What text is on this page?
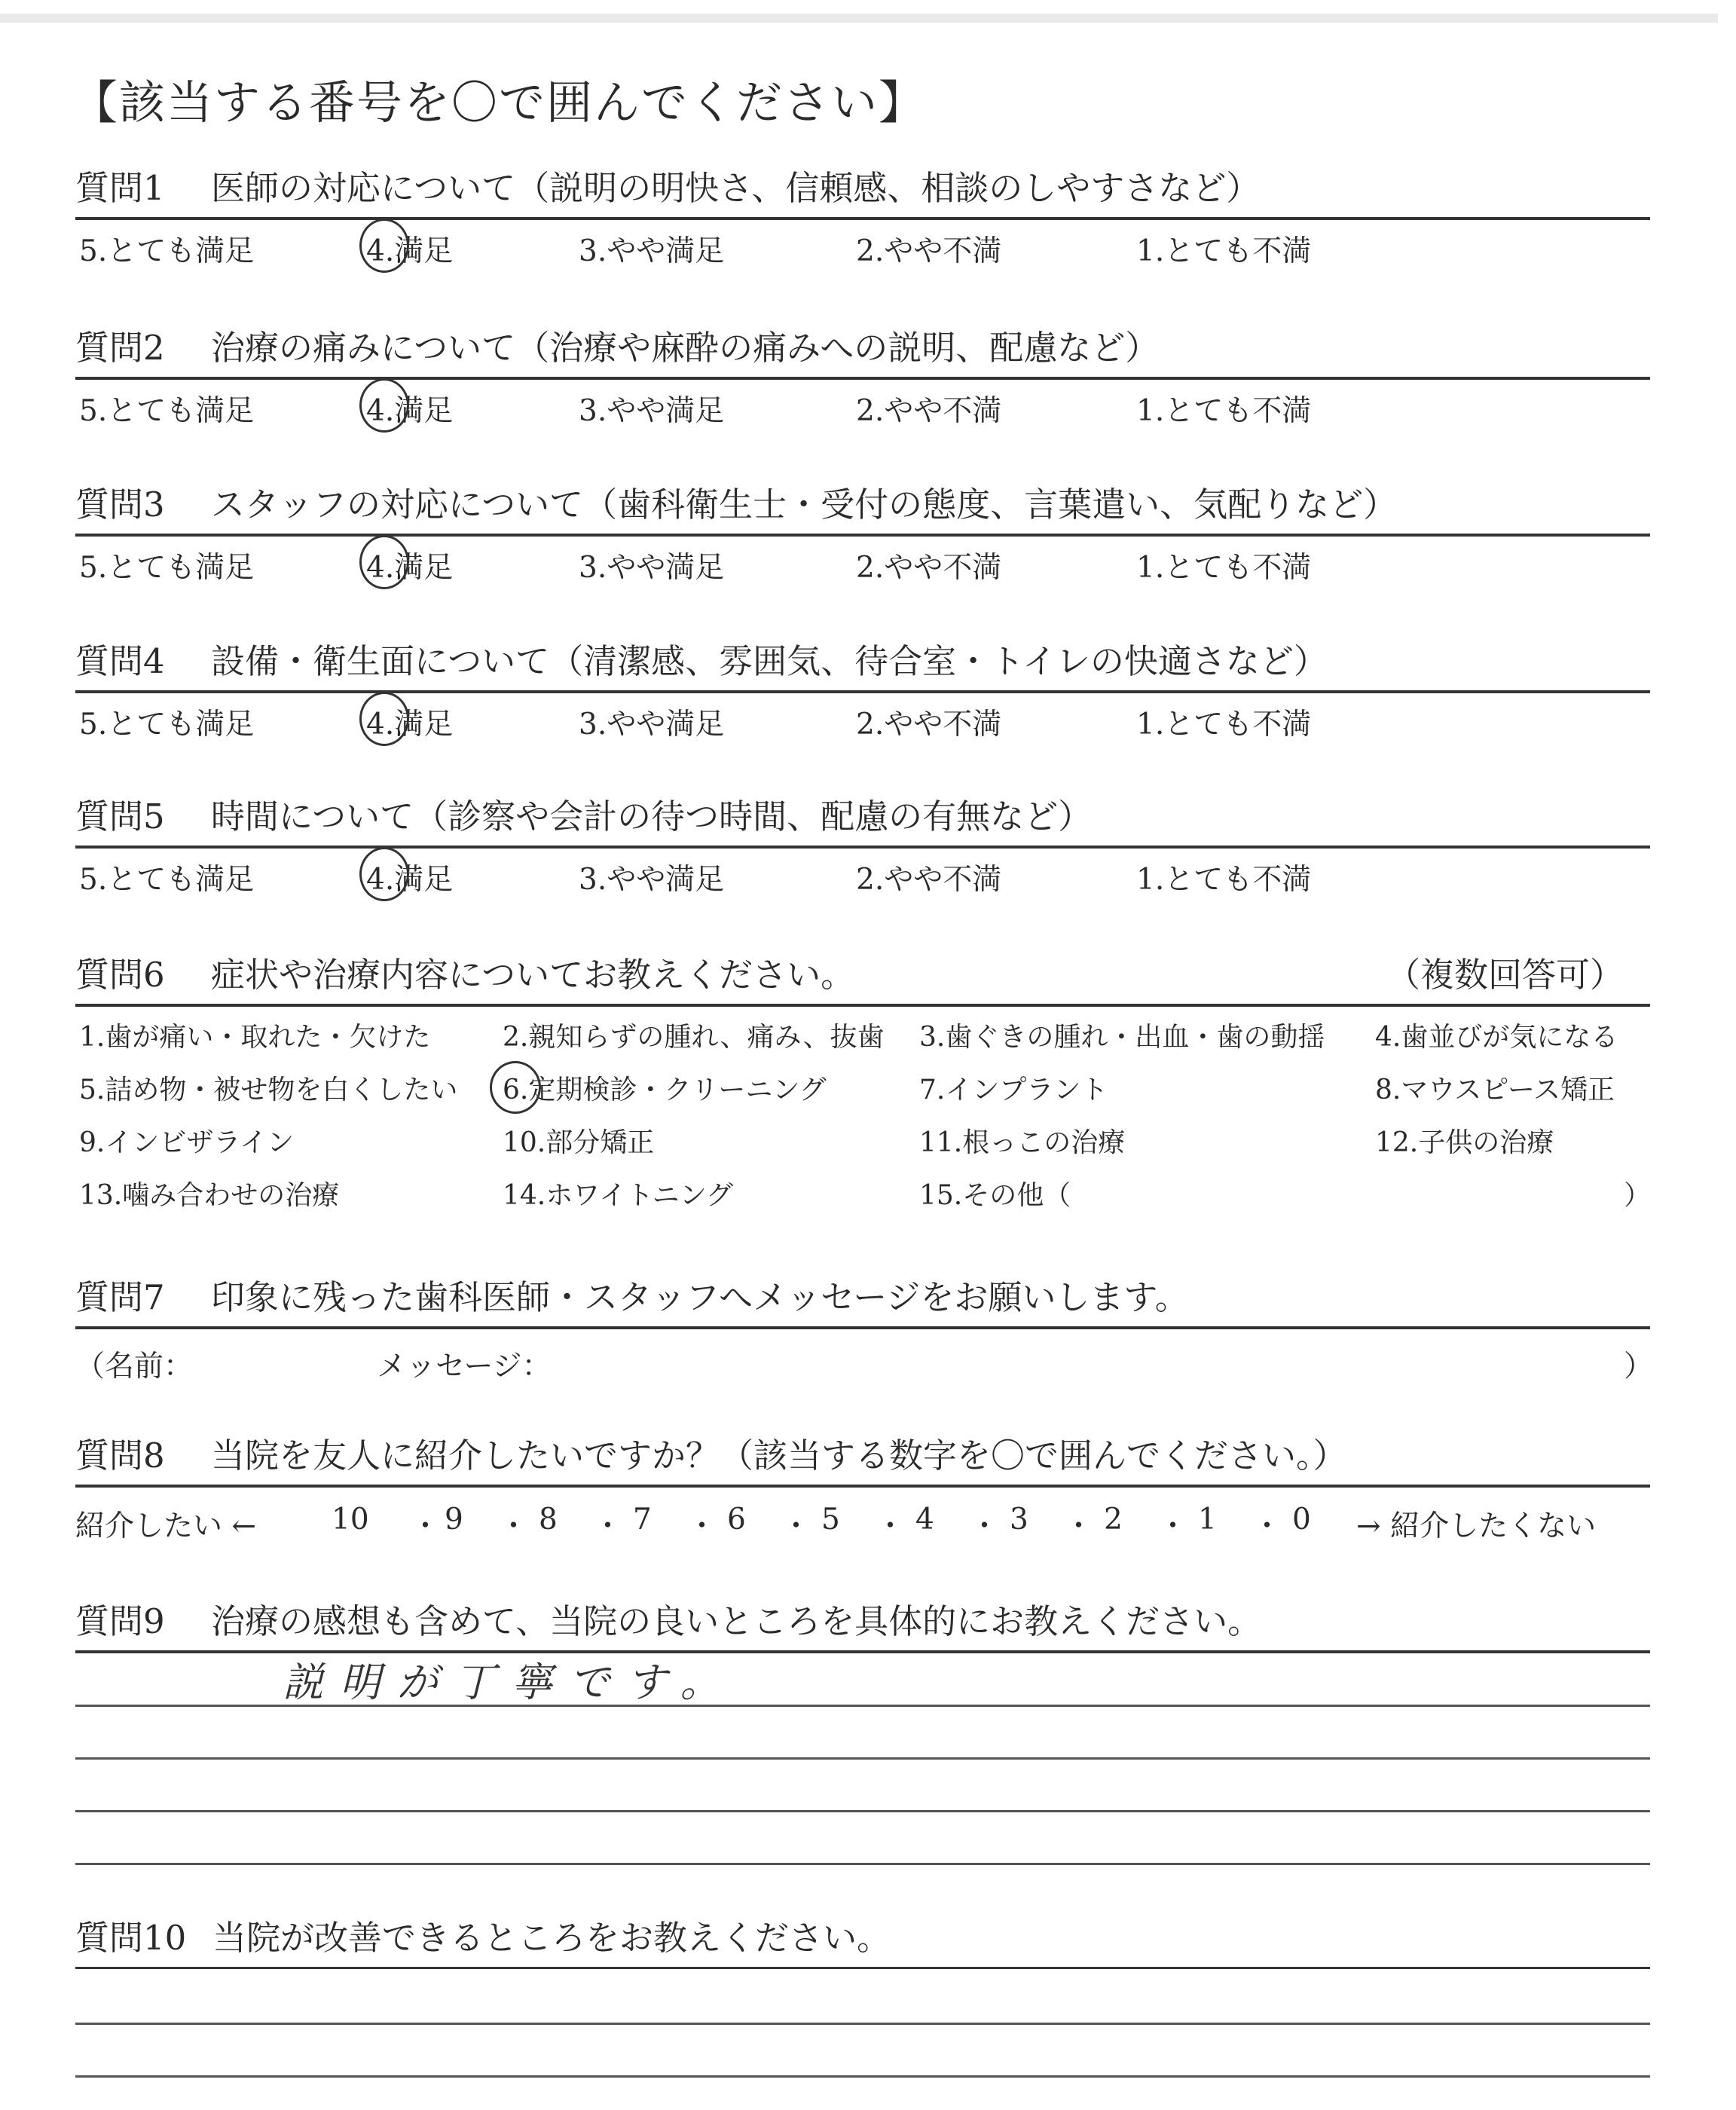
【該当する番号を〇で囲んでください】
質問1 医師の対応について（説明の明快さ、信頼感、相談のしやすさなど）
5.とても満足	4.満足	3.やや満足	2.やや不満	1.とても不満
質問2 治療の痛みについて（治療や麻酔の痛みへの説明、配慮など）
5.とても満足	4.満足	3.やや満足	2.やや不満	1.とても不満
質問3 スタッフの対応について（歯科衛生士・受付の態度、言葉遣い、気配りなど）
5.とても満足	4.満足	3.やや満足	2.やや不満	1.とても不満
質問4 設備・衛生面について（清潔感、雰囲気、待合室・トイレの快適さなど）
5.とても満足	4.満足	3.やや満足	2.やや不満	1.とても不満
質問5 時間について（診察や会計の待つ時間、配慮の有無など）
5.とても満足	4.満足	3.やや満足	2.やや不満	1.とても不満
質問6 症状や治療内容についてお教えください。	（複数回答可）
1.歯が痛い・取れた・欠けた	2.親知らずの腫れ、痛み、抜歯 3.歯ぐきの腫れ・出血・歯の動揺 4.歯並びが気になる
5.詰め物・被せ物を白くしたい 6.定期検診・クリーニング	7.インプラント	8.マウスピース矯正
9.インビザライン	10.部分矯正	11.根っこの治療	12.子供の治療
13.噛み合わせの治療	14.ホワイトニング	15.その他（	）
質問7 印象に残った歯科医師・スタッフへメッセージをお願いします。
（名前：	メッセージ：	）
質問8 当院を友人に紹介したいですか？（該当する数字を〇で囲んでください。）
紹介したい ←	10 ・ 9 ・ 8 ・ 7 ・ 6 ・ 5 ・ 4 ・ 3 ・ 2 ・ 1 ・ 0 → 紹介したくない
質問9 治療の感想も含めて、当院の良いところを具体的にお教えください。
説明が丁寧です。
質問10 当院が改善できるところをお教えください。
